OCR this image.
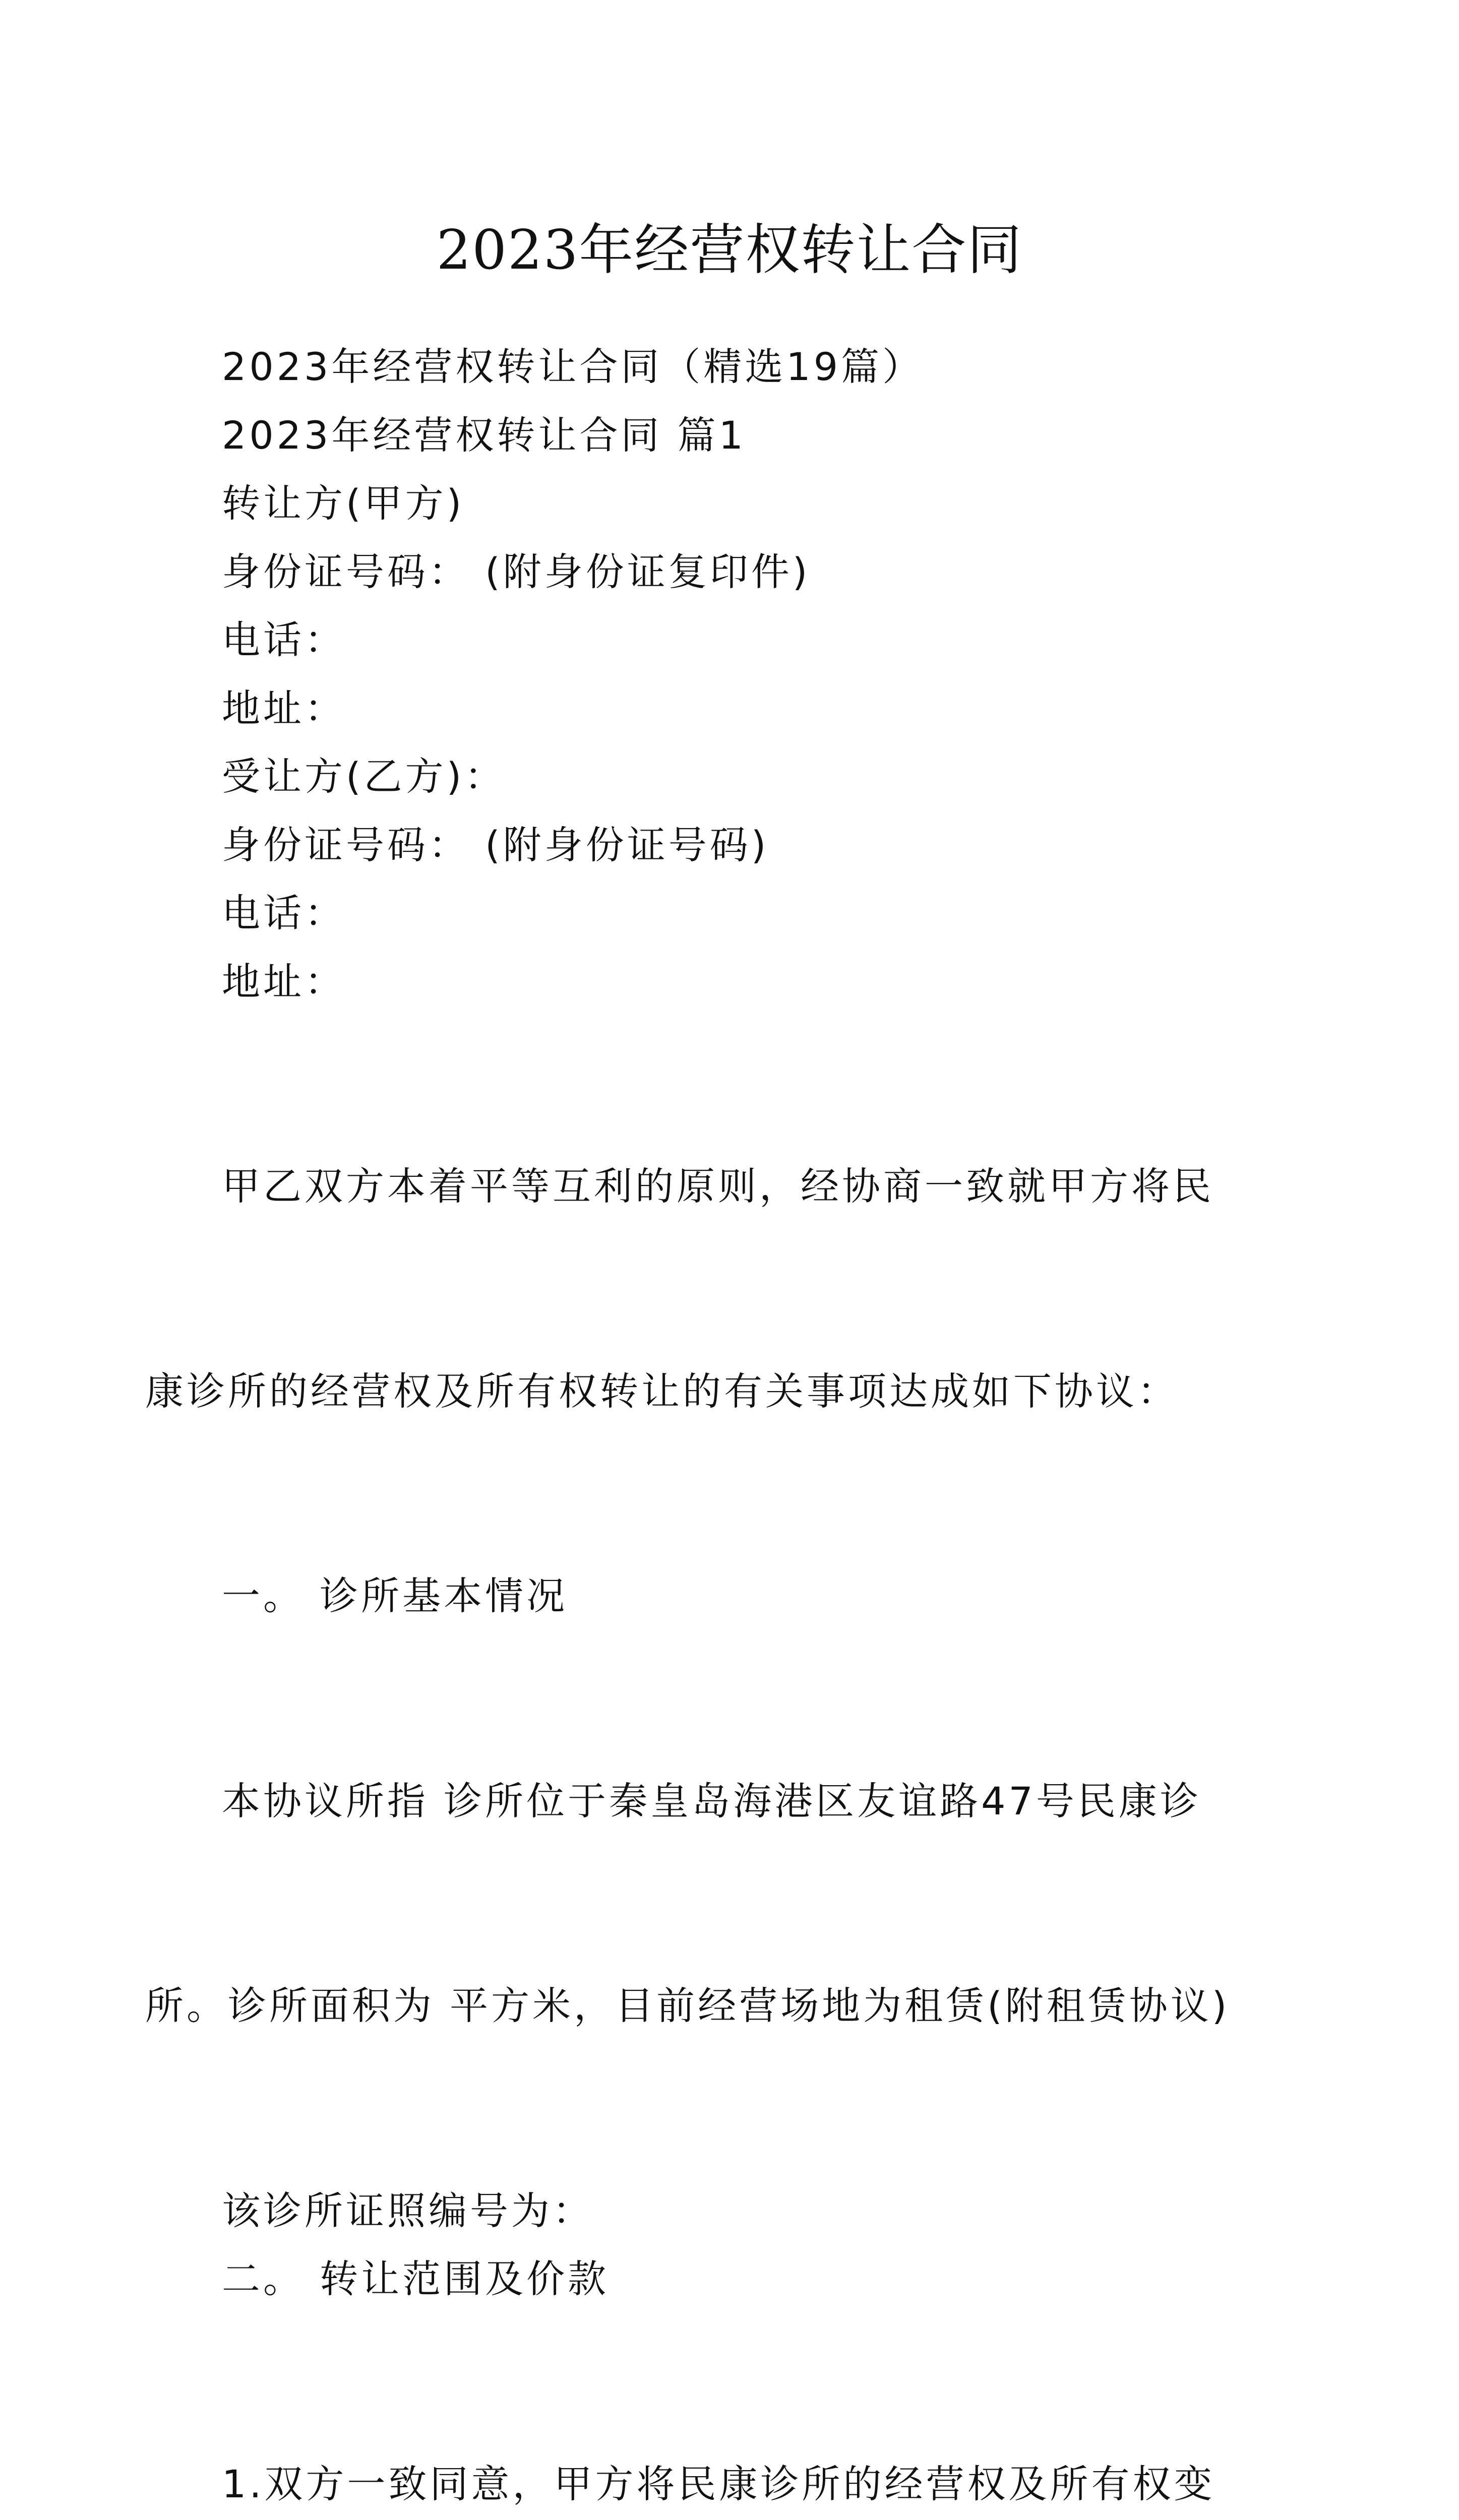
2023年经营权转让合同

2023年经营权转让合同（精选19篇）

2023年经营权转让合同 篇1

转让方(甲方)

身份证号码： (附身份证复印件)

电话：

地址：

受让方(乙方)：

身份证号码： (附身份证号码)

电话：

地址：

甲乙双方本着平等互利的原则，经协商一致就甲方将民

康诊所的经营权及所有权转让的有关事项达成如下协议：

一。 诊所基本情况

本协议所指 诊所位于秦皇岛海港区友谊路47号民康诊

所。诊所面积为 平方米，目前经营场地为租赁(附租赁协议)

该诊所证照编号为：

二。 转让范围及价款

1.双方一致同意，甲方将民康诊所的经营权及所有权变
